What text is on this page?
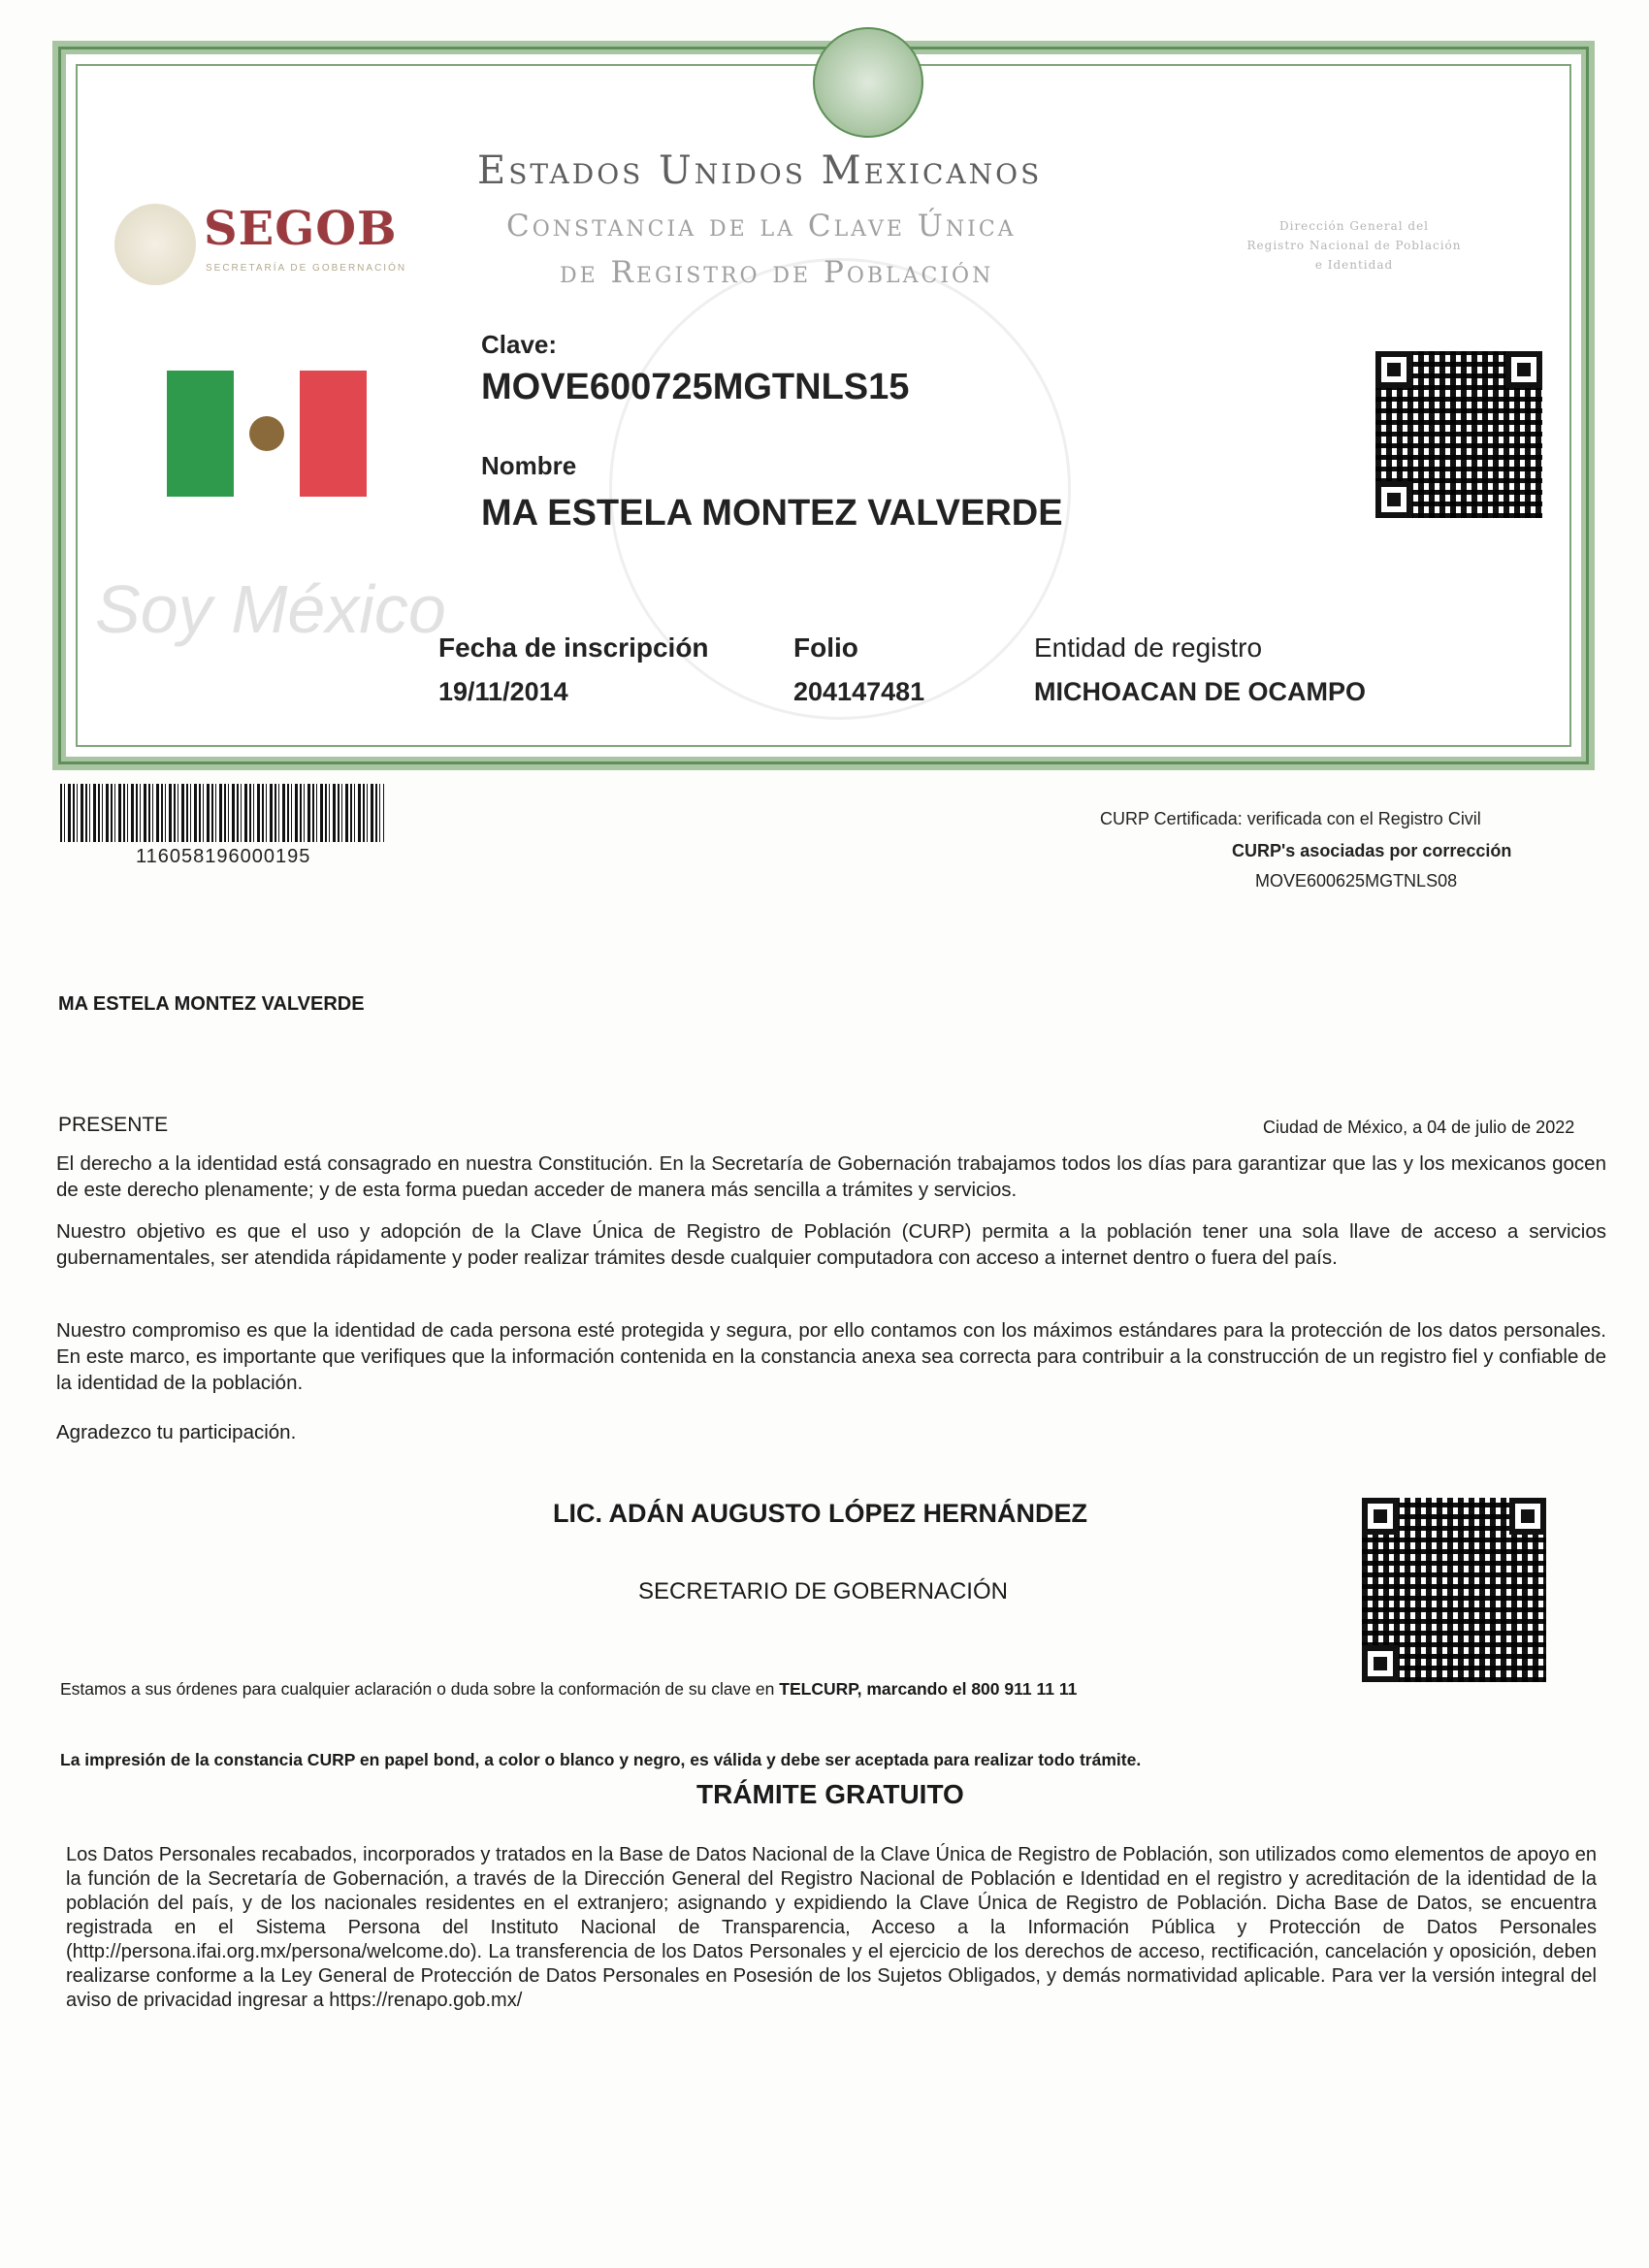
SEGOB
SECRETARÍA DE GOBERNACIÓN
Estados Unidos Mexicanos
Constancia de la Clave Única
de Registro de Población
Dirección General del
Registro Nacional de Población
e Identidad
Clave:
MOVE600725MGTNLS15
Nombre
MA ESTELA MONTEZ VALVERDE
Soy México
Fecha de inscripción
19/11/2014
Folio
204147481
Entidad de registro
MICHOACAN DE OCAMPO
116058196000195
CURP Certificada: verificada con el Registro Civil
CURP's asociadas por corrección
MOVE600625MGTNLS08
MA ESTELA MONTEZ VALVERDE
PRESENTE	Ciudad de México, a 04 de julio de 2022

El derecho a la identidad está consagrado en nuestra Constitución. En la Secretaría de Gobernación trabajamos todos los días para garantizar que las y los mexicanos gocen de este derecho plenamente; y de esta forma puedan acceder de manera más sencilla a trámites y servicios.

Nuestro objetivo es que el uso y adopción de la Clave Única de Registro de Población (CURP) permita a la población tener una sola llave de acceso a servicios gubernamentales, ser atendida rápidamente y poder realizar trámites desde cualquier computadora con acceso a internet dentro o fuera del país.

Nuestro compromiso es que la identidad de cada persona esté protegida y segura, por ello contamos con los máximos estándares para la protección de los datos personales. En este marco, es importante que verifiques que la información contenida en la constancia anexa sea correcta para contribuir a la construcción de un registro fiel y confiable de la identidad de la población.

Agradezco tu participación.
LIC. ADÁN AUGUSTO LÓPEZ HERNÁNDEZ
SECRETARIO DE GOBERNACIÓN
Estamos a sus órdenes para cualquier aclaración o duda sobre la conformación de su clave en TELCURP, marcando el 800 911 11 11
La impresión de la constancia CURP en papel bond, a color o blanco y negro, es válida y debe ser aceptada para realizar todo trámite.
TRÁMITE GRATUITO

Los Datos Personales recabados, incorporados y tratados en la Base de Datos Nacional de la Clave Única de Registro de Población, son utilizados como elementos de apoyo en la función de la Secretaría de Gobernación, a través de la Dirección General del Registro Nacional de Población e Identidad en el registro y acreditación de la identidad de la población del país, y de los nacionales residentes en el extranjero; asignando y expidiendo la Clave Única de Registro de Población. Dicha Base de Datos, se encuentra registrada en el Sistema Persona del Instituto Nacional de Transparencia, Acceso a la Información Pública y Protección de Datos Personales (http://persona.ifai.org.mx/persona/welcome.do). La transferencia de los Datos Personales y el ejercicio de los derechos de acceso, rectificación, cancelación y oposición, deben realizarse conforme a la Ley General de Protección de Datos Personales en Posesión de los Sujetos Obligados, y demás normatividad aplicable. Para ver la versión integral del aviso de privacidad ingresar a https://renapo.gob.mx/
